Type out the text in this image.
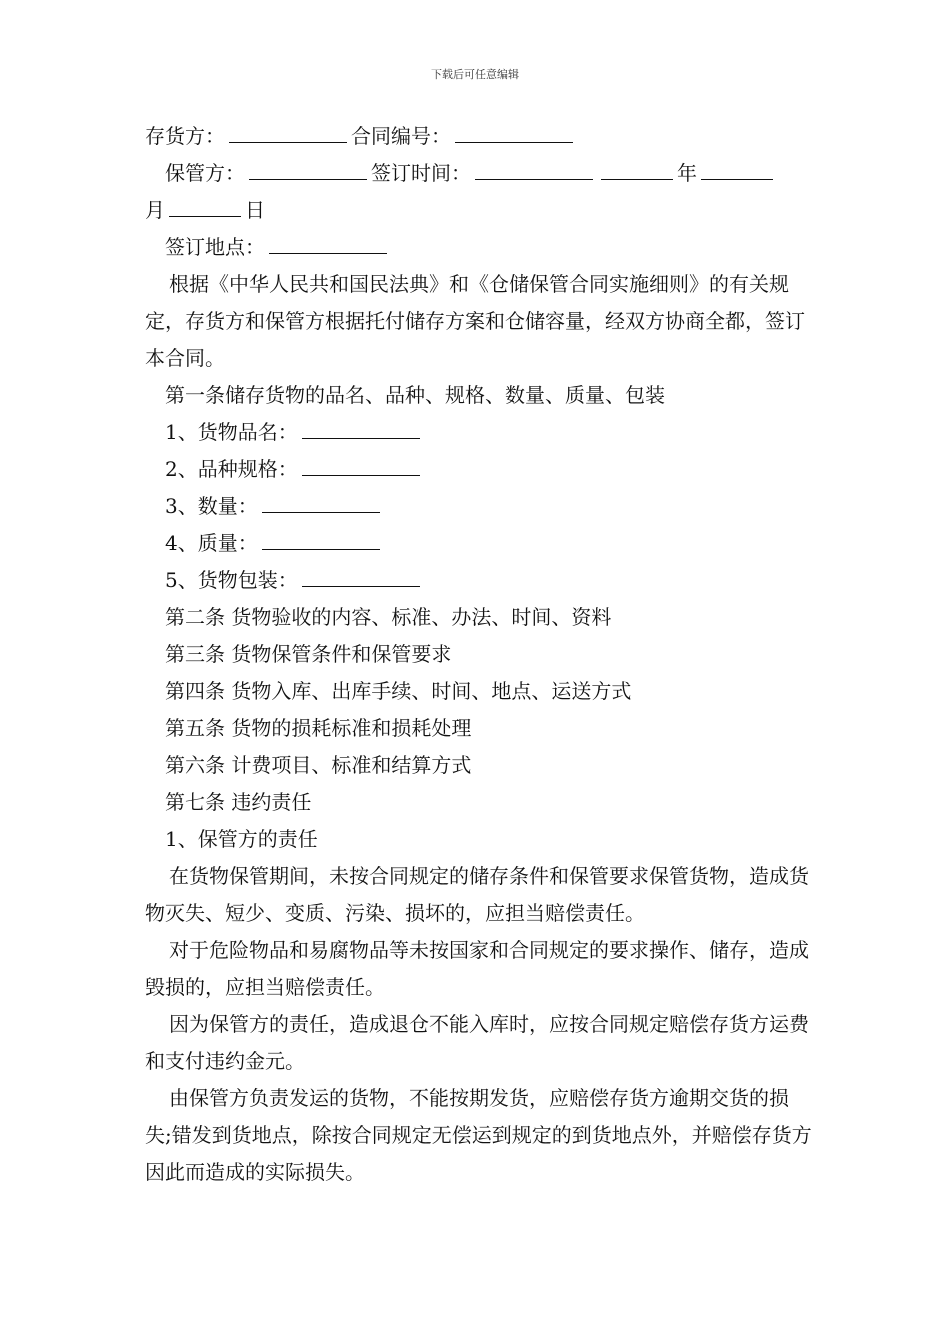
下载后可任意编辑

存货方：	合同编号：

保管方：	签订时间：	年

月	日

签订地点：

根据《中华人民共和国民法典》和《仓储保管合同实施细则》的有关规定，存货方和保管方根据托付储存方案和仓储容量，经双方协商全都，签订本合同。

第一条储存货物的品名、品种、规格、数量、质量、包装

1、货物品名：

2、品种规格：

3、数量：

4、质量：

5、货物包装：

第二条 货物验收的内容、标准、办法、时间、资料

第三条 货物保管条件和保管要求

第四条 货物入库、出库手续、时间、地点、运送方式

第五条 货物的损耗标准和损耗处理

第六条 计费项目、标准和结算方式

第七条 违约责任

1、保管方的责任

在货物保管期间，未按合同规定的储存条件和保管要求保管货物，造成货物灭失、短少、变质、污染、损坏的，应担当赔偿责任。

对于危险物品和易腐物品等未按国家和合同规定的要求操作、储存，造成毁损的，应担当赔偿责任。

因为保管方的责任，造成退仓不能入库时，应按合同规定赔偿存货方运费和支付违约金元。

由保管方负责发运的货物，不能按期发货，应赔偿存货方逾期交货的损失;错发到货地点，除按合同规定无偿运到规定的到货地点外，并赔偿存货方因此而造成的实际损失。
